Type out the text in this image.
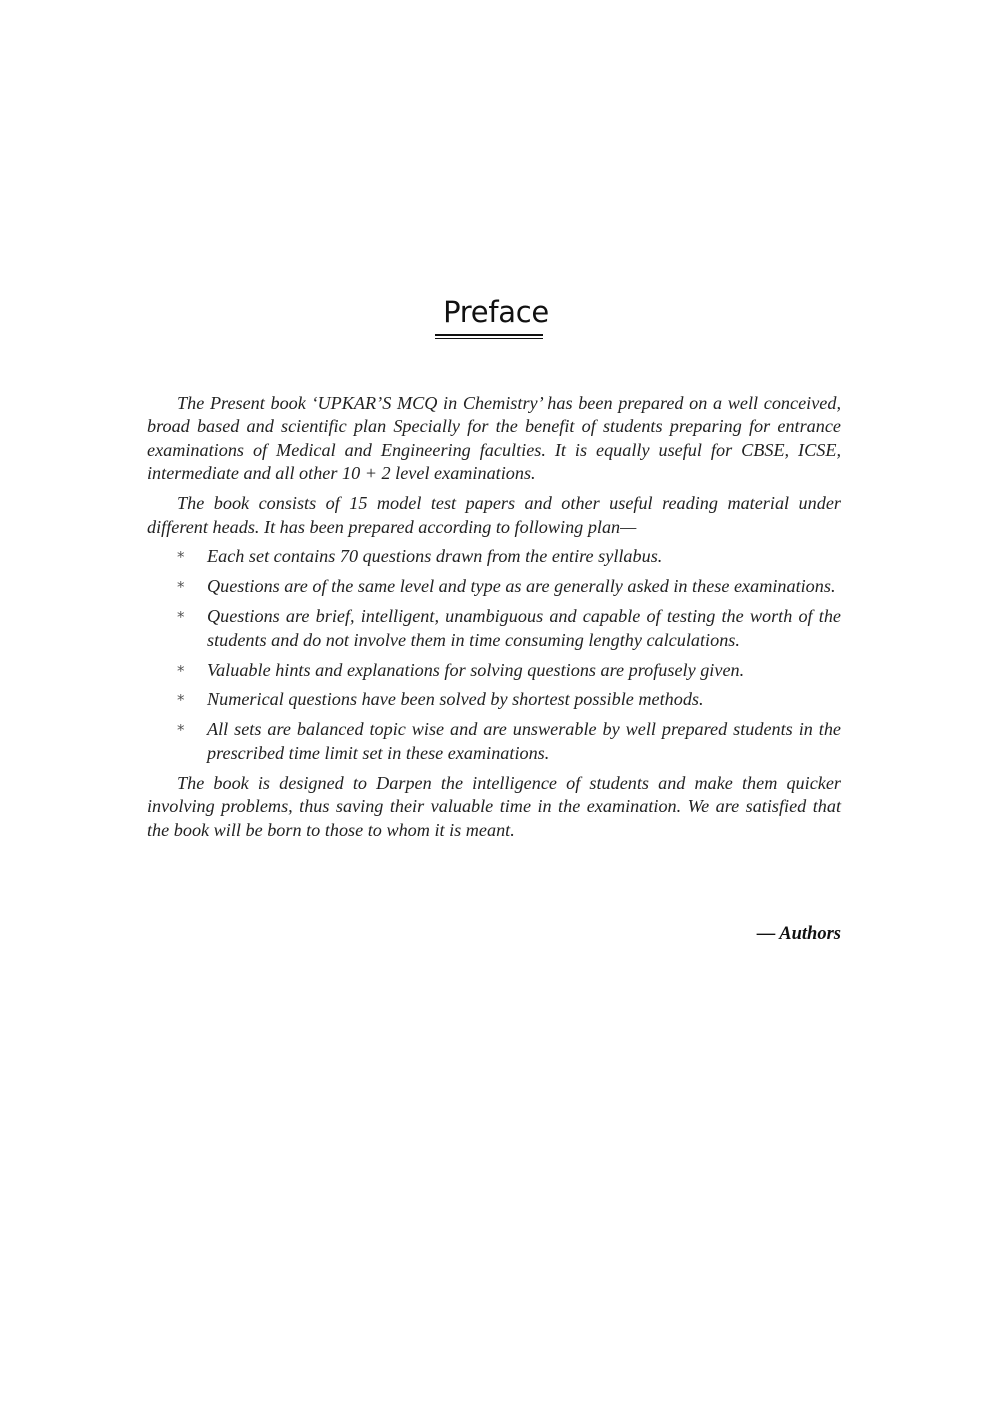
Preface

The Present book ‘UPKAR’S MCQ in Chemistry’ has been prepared on a well conceived, broad based and scientific plan Specially for the benefit of students preparing for entrance examinations of Medical and Engineering faculties. It is equally useful for CBSE, ICSE, intermediate and all other 10 + 2 level examinations.

The book consists of 15 model test papers and other useful reading material under different heads. It has been prepared according to following plan—

* Each set contains 70 questions drawn from the entire syllabus.
* Questions are of the same level and type as are generally asked in these examinations.
* Questions are brief, intelligent, unambiguous and capable of testing the worth of the students and do not involve them in time consuming lengthy calculations.
* Valuable hints and explanations for solving questions are profusely given.
* Numerical questions have been solved by shortest possible methods.
* All sets are balanced topic wise and are unswerable by well prepared students in the prescribed time limit set in these examinations.

The book is designed to Darpen the intelligence of students and make them quicker involving problems, thus saving their valuable time in the examination. We are satisfied that the book will be born to those to whom it is meant.

— Authors
